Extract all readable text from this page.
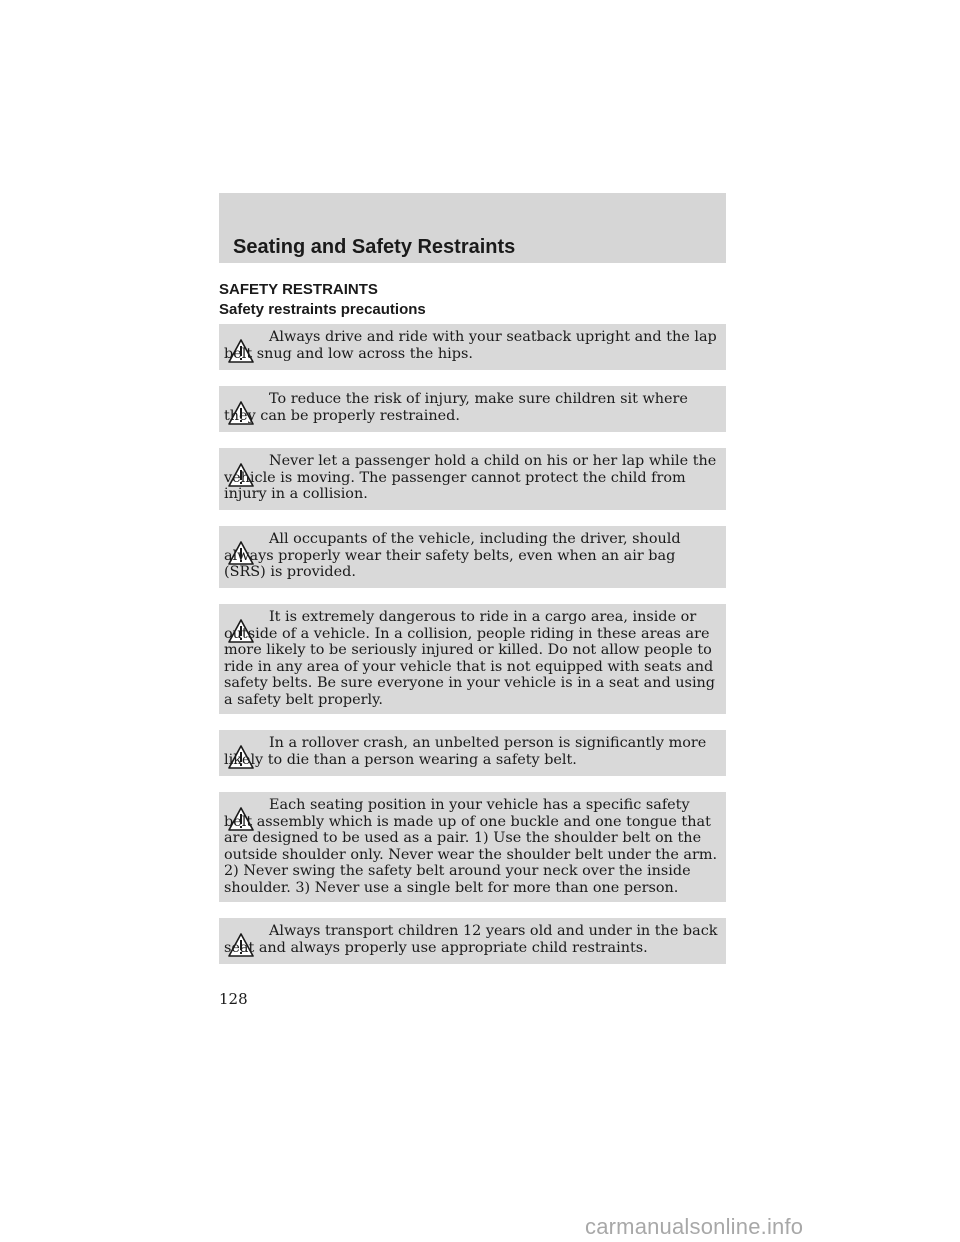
Seating and Safety Restraints
SAFETY RESTRAINTS
Safety restraints precautions

Always drive and ride with your seatback upright and the lap belt snug and low across the hips.

To reduce the risk of injury, make sure children sit where they can be properly restrained.

Never let a passenger hold a child on his or her lap while the vehicle is moving. The passenger cannot protect the child from injury in a collision.

All occupants of the vehicle, including the driver, should always properly wear their safety belts, even when an air bag (SRS) is provided.

It is extremely dangerous to ride in a cargo area, inside or outside of a vehicle. In a collision, people riding in these areas are more likely to be seriously injured or killed. Do not allow people to ride in any area of your vehicle that is not equipped with seats and safety belts. Be sure everyone in your vehicle is in a seat and using a safety belt properly.

In a rollover crash, an unbelted person is significantly more likely to die than a person wearing a safety belt.

Each seating position in your vehicle has a specific safety belt assembly which is made up of one buckle and one tongue that are designed to be used as a pair. 1) Use the shoulder belt on the outside shoulder only. Never wear the shoulder belt under the arm. 2) Never swing the safety belt around your neck over the inside shoulder. 3) Never use a single belt for more than one person.

Always transport children 12 years old and under in the back seat and always properly use appropriate child restraints.

128
carmanualsonline.info
